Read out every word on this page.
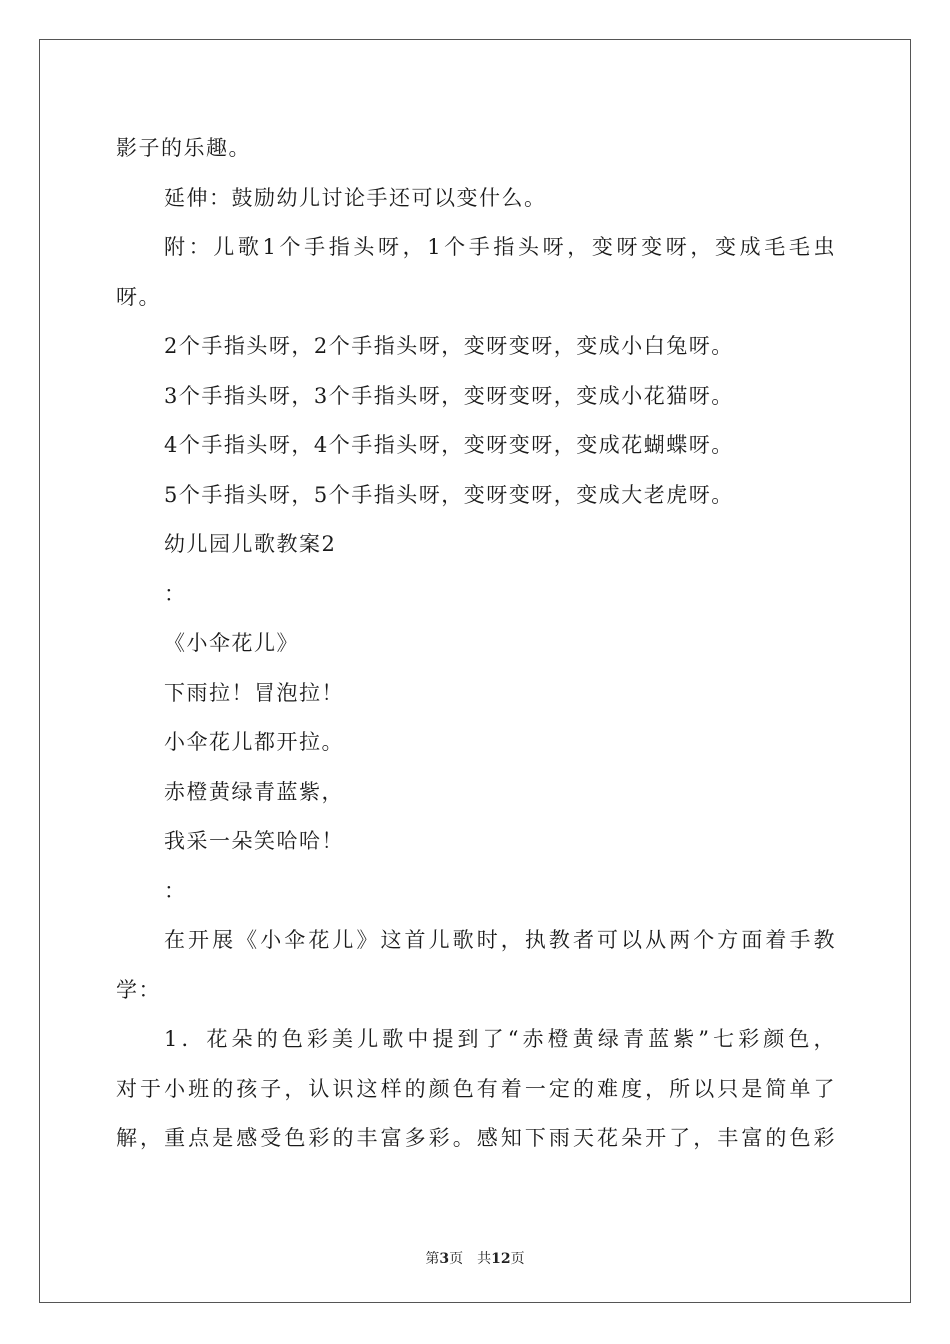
影子的乐趣。
延伸：鼓励幼儿讨论手还可以变什么。
附：儿歌1个手指头呀，1个手指头呀，变呀变呀，变成毛毛虫
呀。
2个手指头呀，2个手指头呀，变呀变呀，变成小白兔呀。
3个手指头呀，3个手指头呀，变呀变呀，变成小花猫呀。
4个手指头呀，4个手指头呀，变呀变呀，变成花蝴蝶呀。
5个手指头呀，5个手指头呀，变呀变呀，变成大老虎呀。
幼儿园儿歌教案2
：
《小伞花儿》
下雨拉！冒泡拉！
小伞花儿都开拉。
赤橙黄绿青蓝紫，
我采一朵笑哈哈！
：
在开展《小伞花儿》这首儿歌时，执教者可以从两个方面着手教
学：
1．花朵的色彩美儿歌中提到了“赤橙黄绿青蓝紫”七彩颜色，
对于小班的孩子，认识这样的颜色有着一定的难度，所以只是简单了
解，重点是感受色彩的丰富多彩。感知下雨天花朵开了，丰富的色彩
第3页 共12页
